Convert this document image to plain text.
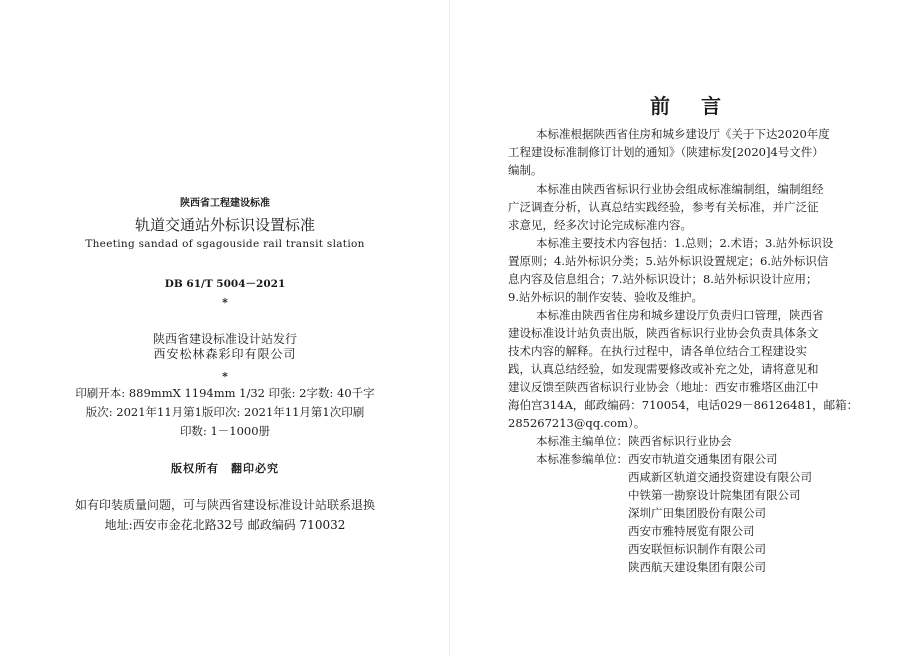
陕西省工程建设标准
轨道交通站外标识设置标准
Theeting sandad of sgagouside rail transit slation
DB 61/T 5004－2021
*
陕西省建设标准设计站发行
西安松林森彩印有限公司
*
印刷开本: 889mmX 1194mm 1/32 印张: 2字数: 40千字
版次: 2021年11月第1版印次: 2021年11月第1次印刷
印数: 1－1000册
版权所有　翻印必究
如有印装质量问题，可与陕西省建设标准设计站联系退换
地址:西安市金花北路32号 邮政编码 710032
前 言
本标准根据陕西省住房和城乡建设厅《关于下达2020年度
工程建设标准制修订计划的通知》（陕建标发[2020]4号文件）
编制。
本标准由陕西省标识行业协会组成标准编制组，编制组经
广泛调查分析，认真总结实践经验，参考有关标准，并广泛征
求意见，经多次讨论完成标准内容。
本标准主要技术内容包括：1.总则；2.术语；3.站外标识设
置原则；4.站外标识分类；5.站外标识设置规定；6.站外标识信
息内容及信息组合；7.站外标识设计；8.站外标识设计应用；
9.站外标识的制作安装、验收及维护。
本标准由陕西省住房和城乡建设厅负责归口管理，陕西省
建设标准设计站负责出版，陕西省标识行业协会负责具体条文
技术内容的解释。在执行过程中，请各单位结合工程建设实
践，认真总结经验，如发现需要修改或补充之处，请将意见和
建议反馈至陕西省标识行业协会（地址：西安市雅塔区曲江中
海伯宫314A，邮政编码：710054，电话029－86126481，邮箱：
285267213@qq.com）。
本标准主编单位：陕西省标识行业协会
本标准参编单位：西安市轨道交通集团有限公司
西咸新区轨道交通投资建设有限公司
中铁第一勘察设计院集团有限公司
深圳广田集团股份有限公司
西安市雅特展览有限公司
西安联恒标识制作有限公司
陕西航天建设集团有限公司
